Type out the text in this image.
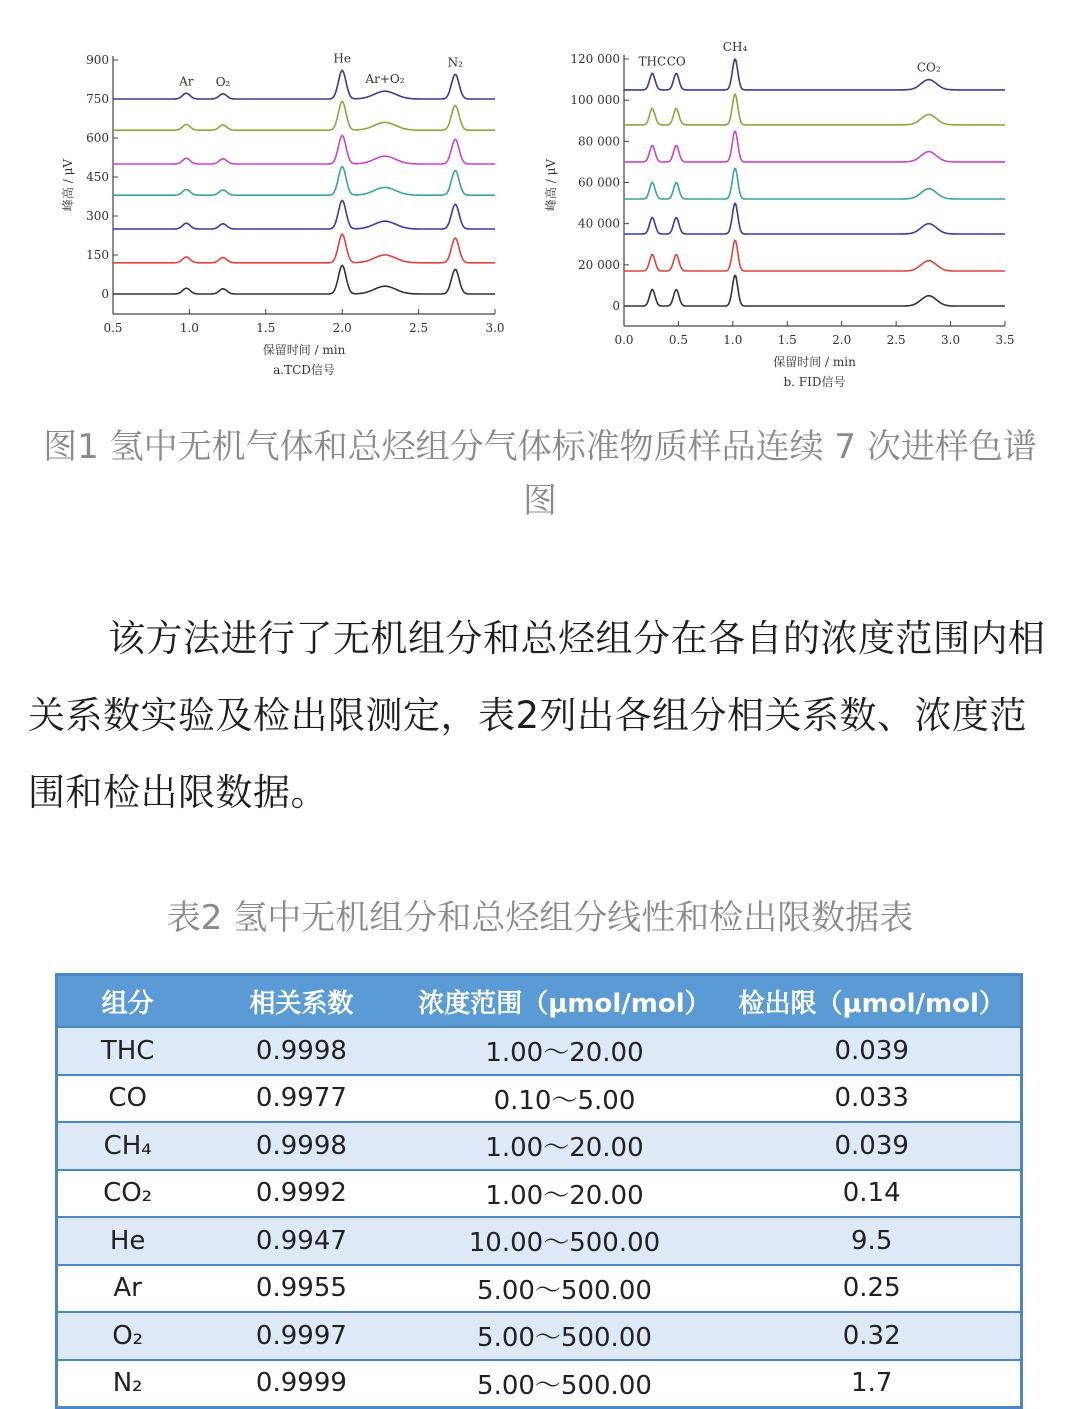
900
750
600
450
300
150
0
0.5	1.0	1.5	2.0	2.5	3.0
保留时间 / min
a.TCD信号
峰高 / μV
Ar O₂
He
Ar+O₂
N₂	120 000
100 000
80 000
60 000
40 000
20 000
0
0.0	0.5	1.0	1.5	2.0	2.5	3.0	3.5
保留时间 / min
b. FID信号
峰高 / μV
THC CO
CH₄
CO₂
图1 氢中无机气体和总烃组分气体标准物质样品连续 7 次进样色谱图
该方法进行了无机组分和总烃组分在各自的浓度范围内相关系数实验及检出限测定，表2列出各组分相关系数、浓度范围和检出限数据。
表2 氢中无机组分和总烃组分线性和检出限数据表
组分	相关系数	浓度范围（μmol/mol）	检出限（μmol/mol）
THC	0.9998	1.00～20.00	0.039
CO	0.9977	0.10～5.00	0.033
CH₄	0.9998	1.00～20.00	0.039
CO₂	0.9992	1.00～20.00	0.14
He	0.9947	10.00～500.00	9.5
Ar	0.9955	5.00～500.00	0.25
O₂	0.9997	5.00～500.00	0.32
N₂	0.9999	5.00～500.00	1.7
